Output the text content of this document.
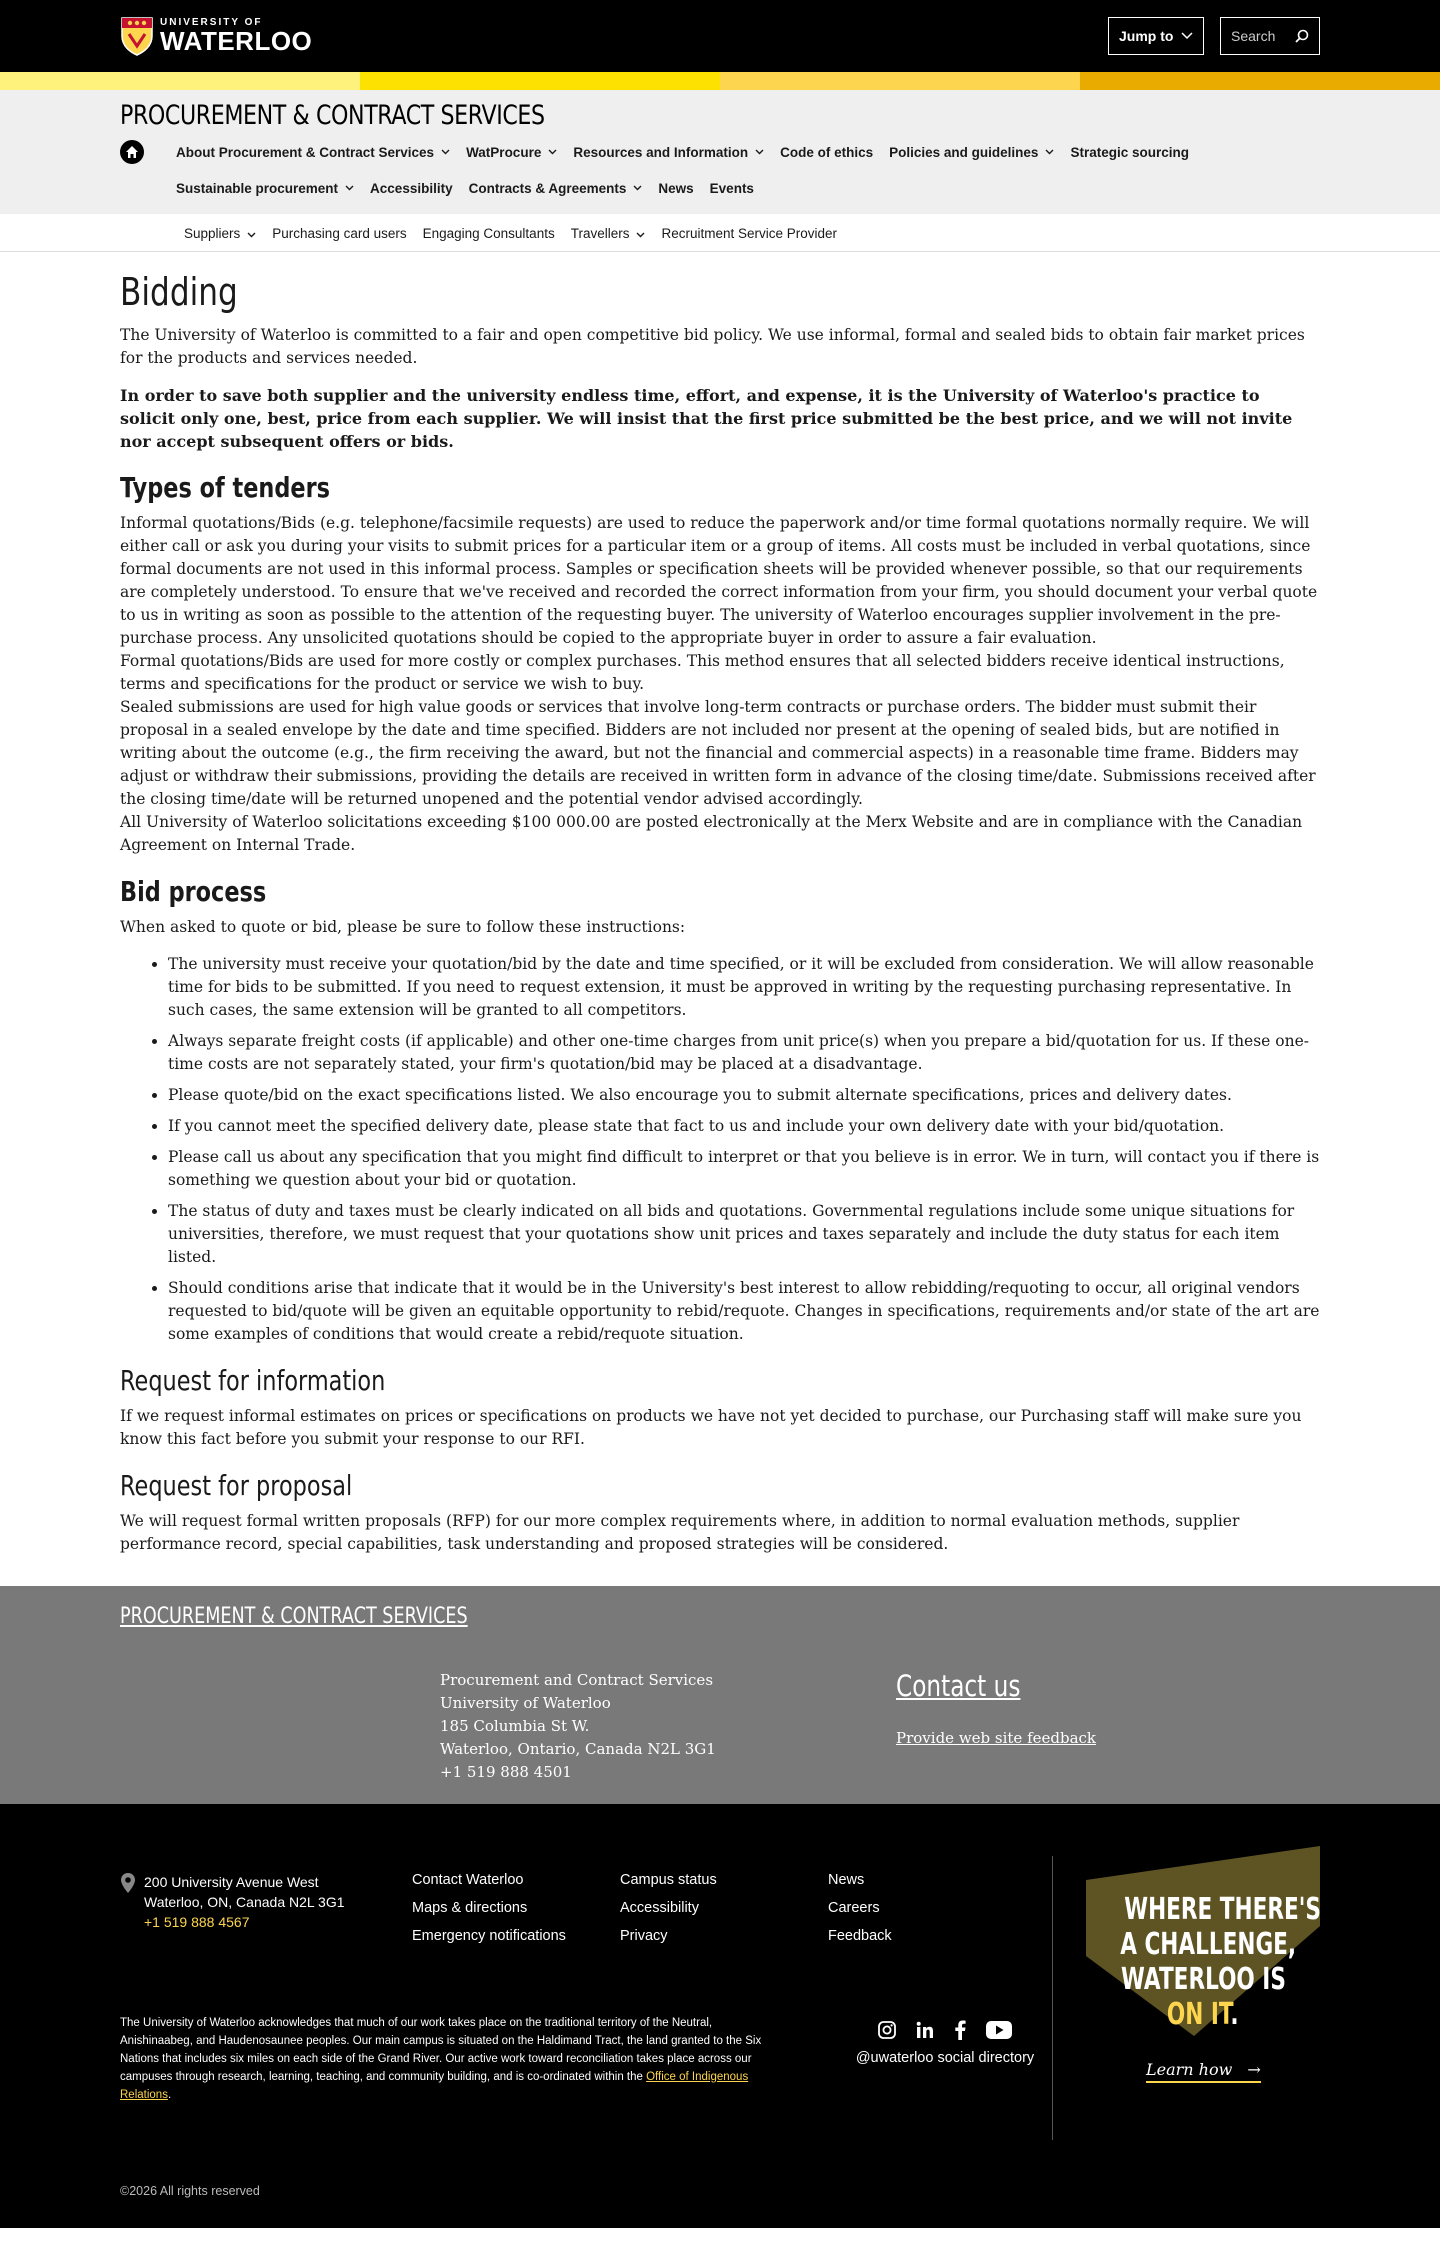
UNIVERSITY OF
WATERLOO	Jump to	Search
PROCUREMENT & CONTRACT SERVICES
About Procurement & Contract Services WatProcure Resources and Information Code of ethics Policies and guidelines Strategic sourcing
Sustainable procurement Accessibility Contracts & Agreements News Events
Suppliers	Purchasing card users Engaging Consultants Travellers	Recruitment Service Provider
Bidding

The University of Waterloo is committed to a fair and open competitive bid policy. We use informal, formal and sealed bids to obtain fair market prices for the products and services needed.

In order to save both supplier and the university endless time, effort, and expense, it is the University of Waterloo's practice to solicit only one, best, price from each supplier. We will insist that the first price submitted be the best price, and we will not invite nor accept subsequent offers or bids.

Types of tenders

Informal quotations/Bids (e.g. telephone/facsimile requests) are used to reduce the paperwork and/or time formal quotations normally require. We will either call or ask you during your visits to submit prices for a particular item or a group of items. All costs must be included in verbal quotations, since formal documents are not used in this informal process. Samples or specification sheets will be provided whenever possible, so that our requirements are completely understood. To ensure that we've received and recorded the correct information from your firm, you should document your verbal quote to us in writing as soon as possible to the attention of the requesting buyer. The university of Waterloo encourages supplier involvement in the pre-purchase process. Any unsolicited quotations should be copied to the appropriate buyer in order to assure a fair evaluation.

Formal quotations/Bids are used for more costly or complex purchases. This method ensures that all selected bidders receive identical instructions, terms and specifications for the product or service we wish to buy.

Sealed submissions are used for high value goods or services that involve long-term contracts or purchase orders. The bidder must submit their proposal in a sealed envelope by the date and time specified. Bidders are not included nor present at the opening of sealed bids, but are notified in writing about the outcome (e.g., the firm receiving the award, but not the financial and commercial aspects) in a reasonable time frame. Bidders may adjust or withdraw their submissions, providing the details are received in written form in advance of the closing time/date. Submissions received after the closing time/date will be returned unopened and the potential vendor advised accordingly.

All University of Waterloo solicitations exceeding $100 000.00 are posted electronically at the Merx Website and are in compliance with the Canadian Agreement on Internal Trade.

Bid process

When asked to quote or bid, please be sure to follow these instructions:

• The university must receive your quotation/bid by the date and time specified, or it will be excluded from consideration. We will allow reasonable time for bids to be submitted. If you need to request extension, it must be approved in writing by the requesting purchasing representative. In such cases, the same extension will be granted to all competitors.
• Always separate freight costs (if applicable) and other one-time charges from unit price(s) when you prepare a bid/quotation for us. If these one-time costs are not separately stated, your firm's quotation/bid may be placed at a disadvantage.
• Please quote/bid on the exact specifications listed. We also encourage you to submit alternate specifications, prices and delivery dates.
• If you cannot meet the specified delivery date, please state that fact to us and include your own delivery date with your bid/quotation.
• Please call us about any specification that you might find difficult to interpret or that you believe is in error. We in turn, will contact you if there is something we question about your bid or quotation.
• The status of duty and taxes must be clearly indicated on all bids and quotations. Governmental regulations include some unique situations for universities, therefore, we must request that your quotations show unit prices and taxes separately and include the duty status for each item listed.
• Should conditions arise that indicate that it would be in the University's best interest to allow rebidding/requoting to occur, all original vendors requested to bid/quote will be given an equitable opportunity to rebid/requote. Changes in specifications, requirements and/or state of the art are some examples of conditions that would create a rebid/requote situation.
Request for information

If we request informal estimates on prices or specifications on products we have not yet decided to purchase, our Purchasing staff will make sure you know this fact before you submit your response to our RFI.

Request for proposal

We will request formal written proposals (RFP) for our more complex requirements where, in addition to normal evaluation methods, supplier performance record, special capabilities, task understanding and proposed strategies will be considered.

PROCUREMENT & CONTRACT SERVICES
Procurement and Contract Services
University of Waterloo
185 Columbia St W.
Waterloo, Ontario, Canada N2L 3G1
+1 519 888 4501
Contact us
Provide web site feedback
200 University Avenue West
Waterloo, ON, Canada N2L 3G1
+1 519 888 4567
Contact Waterloo
Maps & directions
Emergency notifications
Campus status
Accessibility
Privacy
News
Careers
Feedback
The University of Waterloo acknowledges that much of our work takes place on the traditional territory of the Neutral, Anishinaabeg, and Haudenosaunee peoples. Our main campus is situated on the Haldimand Tract, the land granted to the Six Nations that includes six miles on each side of the Grand River. Our active work toward reconciliation takes place across our campuses through research, learning, teaching, and community building, and is co-ordinated within the Office of Indigenous Relations.
@uwaterloo social directory
WHERE THERE'S
A CHALLENGE,
WATERLOO IS
ON IT.
Learn how →
©2026 All rights reserved
